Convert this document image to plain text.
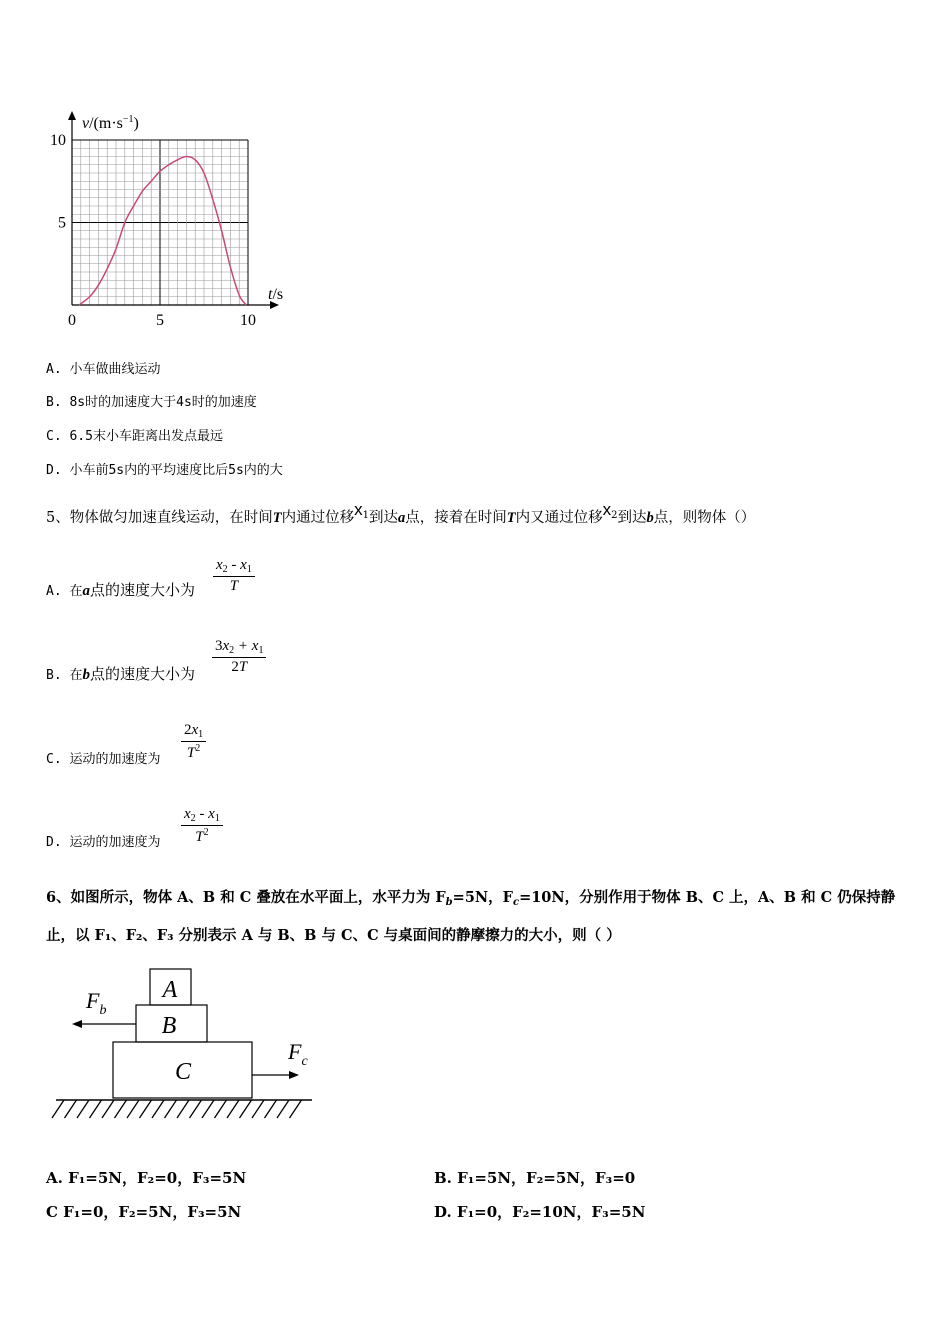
0	5	10
5
10
$v/(m\cdot s^{-1})$
t/s
A. 小车做曲线运动
B. 8s时的加速度大于4s时的加速度
C. 6.5末小车距离出发点最远
D. 小车前5s内的平均速度比后5s内的大
5、物体做匀加速直线运动，在时间T内通过位移$x_1$到达a点，接着在时间T内又通过位移$x_2$到达b点，则物体（）
A. 在a点的速度大小为 $\frac{x_2 - x_1}{T}$
B. 在b点的速度大小为 $\frac{3x_2 + x_1}{2T}$
C. 运动的加速度为 $\frac{2x_1}{T^2}$
D. 运动的加速度为 $\frac{x_2 - x_1}{T^2}$
6、如图所示，物体 A、B 和 C 叠放在水平面上，水平力为 $F_b=5N$，$F_c=10N$，分别作用于物体 B、C 上，A、B 和 C 仍保持静
止，以 F₁、F₂、F₃ 分别表示 A 与 B、B 与 C、C 与桌面间的静摩擦力的大小，则（ ）
A
B
C
$F_b$
$F_c$
A. F₁=5N，F₂=0，F₃=5N	B. F₁=5N，F₂=5N，F₃=0
C F₁=0，F₂=5N，F₃=5N	D. F₁=0，F₂=10N，F₃=5N
